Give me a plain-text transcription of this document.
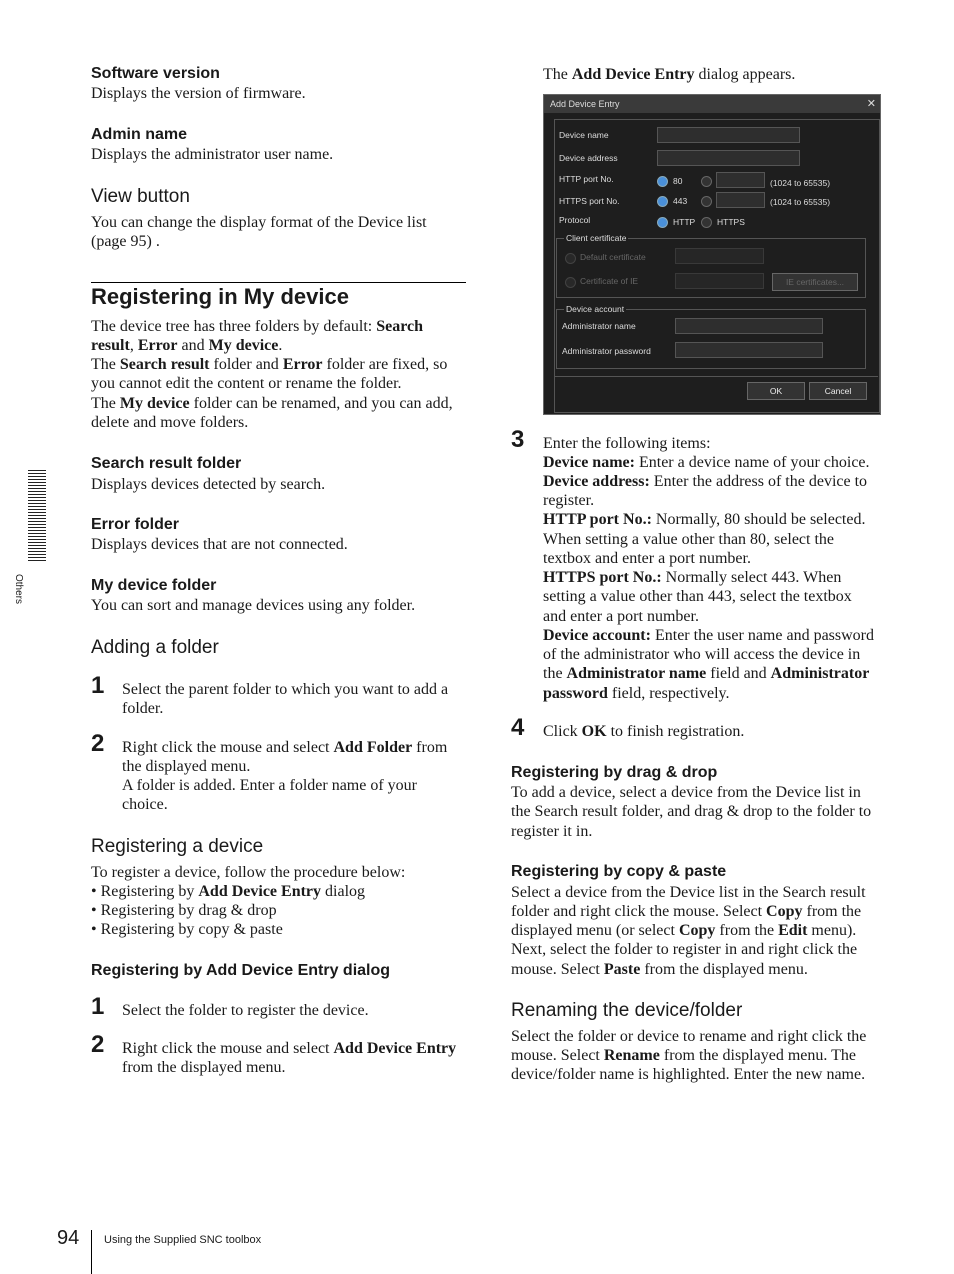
Software version
Displays the version of firmware.
Admin name
Displays the administrator user name.
View button
You can change the display format of the Device list
(page 95) .
Registering in My device
The device tree has three folders by default: Search
result, Error and My device.
The Search result folder and Error folder are fixed, so
you cannot edit the content or rename the folder.
The My device folder can be renamed, and you can add,
delete and move folders.
Search result folder
Displays devices detected by search.
Error folder
Displays devices that are not connected.
My device folder
You can sort and manage devices using any folder.
Adding a folder
1 Select the parent folder to which you want to add a
folder.
2 Right click the mouse and select Add Folder from
the displayed menu.
A folder is added. Enter a folder name of your
choice.
Registering a device
To register a device, follow the procedure below:
• Registering by Add Device Entry dialog
• Registering by drag & drop
• Registering by copy & paste
Registering by Add Device Entry dialog
1 Select the folder to register the device.
2 Right click the mouse and select Add Device Entry
from the displayed menu.
Others
The Add Device Entry dialog appears.
Add Device Entry	✕
Device name
Device address
HTTP port No.	80	(1024 to 65535)
HTTPS port No.	443	(1024 to 65535)
Protocol	HTTP	HTTPS
Client certificate
Default certificate
Certificate of IE	IE certificates...
Device account
Administrator name
Administrator password
OK	Cancel
3 Enter the following items:
Device name: Enter a device name of your choice.
Device address: Enter the address of the device to
register.
HTTP port No.: Normally, 80 should be selected.
When setting a value other than 80, select the
textbox and enter a port number.
HTTPS port No.: Normally select 443. When
setting a value other than 443, select the textbox
and enter a port number.
Device account: Enter the user name and password
of the administrator who will access the device in
the Administrator name field and Administrator
password field, respectively.
4 Click OK to finish registration.
Registering by drag & drop
To add a device, select a device from the Device list in
the Search result folder, and drag & drop to the folder to
register it in.
Registering by copy & paste
Select a device from the Device list in the Search result
folder and right click the mouse. Select Copy from the
displayed menu (or select Copy from the Edit menu).
Next, select the folder to register in and right click the
mouse. Select Paste from the displayed menu.
Renaming the device/folder
Select the folder or device to rename and right click the
mouse. Select Rename from the displayed menu. The
device/folder name is highlighted. Enter the new name.
94 Using the Supplied SNC toolbox
